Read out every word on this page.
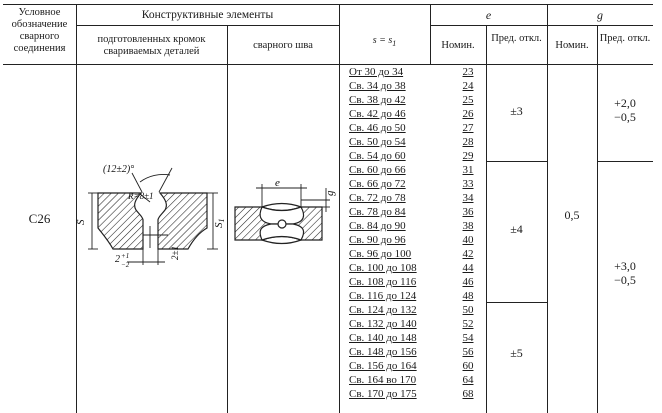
Условное обозначение сварного соединения
Конструктивные элементы
подготовленных кромок свариваемых деталей
сварного шва	$s = s_1$
e	g
Номин.
Пред. откл.
Номин.
Пред. откл.
С26
От 30 до 34
Св. 34 до 38
Св. 38 до 42
Св. 42 до 46
Св. 46 до 50
Св. 50 до 54
Св. 54 до 60
Св. 60 до 66
Св. 66 до 72
Св. 72 до 78
Св. 78 до 84
Св. 84 до 90
Св. 90 до 96
Св. 96 до 100
Св. 100 до 108
Св. 108 до 116
Св. 116 до 124
Св. 124 до 132
Св. 132 до 140
Св. 140 до 148
Св. 148 до 156
Св. 156 до 164
Св. 164 во 170
Св. 170 до 175
23
24
25
26
27
28
29
31
33
34
36
38
40
42
44
46
48
50
52
54
56
60
64
68
±3
±4
±5
0,5
+2,0
−0,5
+3,0
−0,5
(12±2)°
R=8±1
S
S1
2 +1
−2
2±1
e
g
